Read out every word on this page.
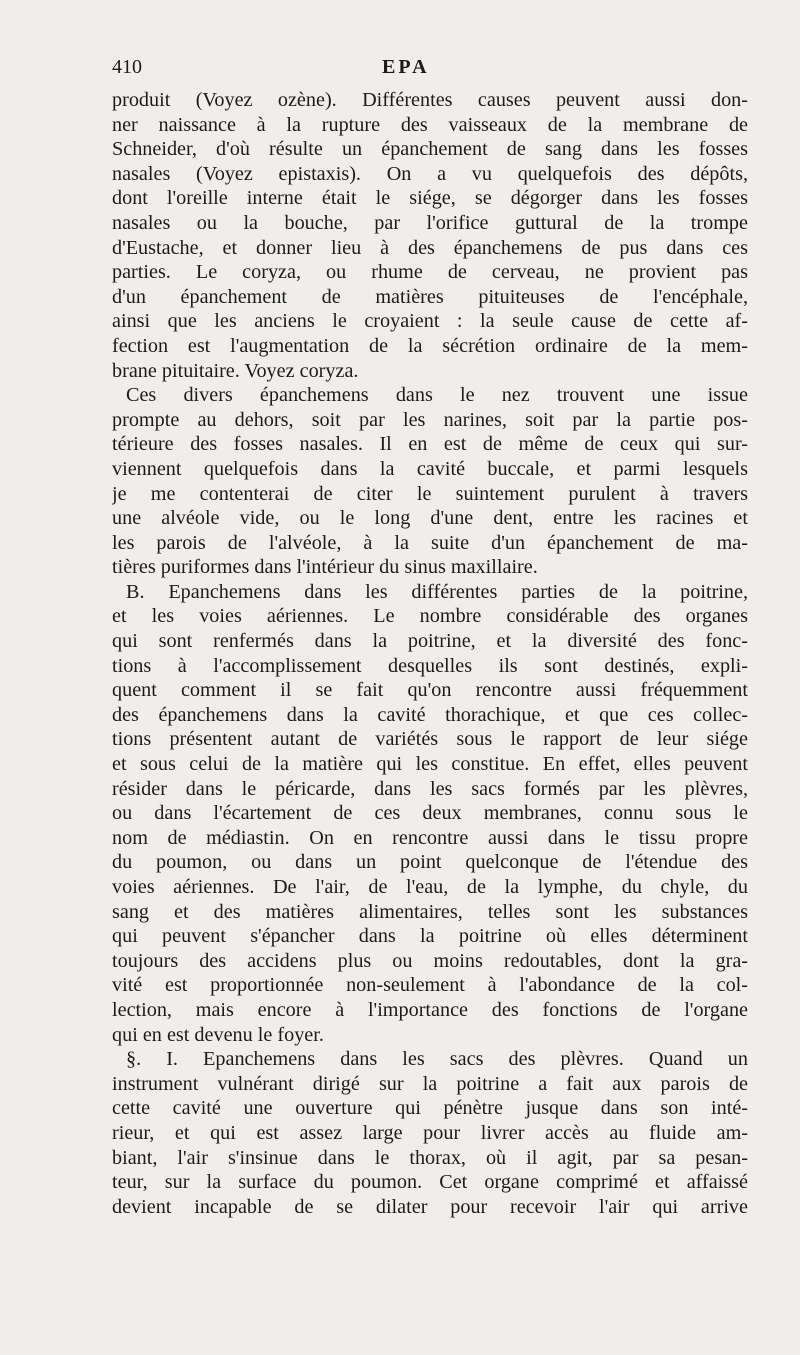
410	EPA
produit (Voyez ozène). Différentes causes peuvent aussi don-
ner naissance à la rupture des vaisseaux de la membrane de
Schneider, d'où résulte un épanchement de sang dans les fosses
nasales (Voyez epistaxis). On a vu quelquefois des dépôts,
dont l'oreille interne était le siége, se dégorger dans les fosses
nasales ou la bouche, par l'orifice guttural de la trompe
d'Eustache, et donner lieu à des épanchemens de pus dans ces
parties. Le coryza, ou rhume de cerveau, ne provient pas
d'un épanchement de matières pituiteuses de l'encéphale,
ainsi que les anciens le croyaient : la seule cause de cette af-
fection est l'augmentation de la sécrétion ordinaire de la mem-
brane pituitaire. Voyez coryza.
Ces divers épanchemens dans le nez trouvent une issue
prompte au dehors, soit par les narines, soit par la partie pos-
térieure des fosses nasales. Il en est de même de ceux qui sur-
viennent quelquefois dans la cavité buccale, et parmi lesquels
je me contenterai de citer le suintement purulent à travers
une alvéole vide, ou le long d'une dent, entre les racines et
les parois de l'alvéole, à la suite d'un épanchement de ma-
tières puriformes dans l'intérieur du sinus maxillaire.
B. Epanchemens dans les différentes parties de la poitrine,
et les voies aériennes. Le nombre considérable des organes
qui sont renfermés dans la poitrine, et la diversité des fonc-
tions à l'accomplissement desquelles ils sont destinés, expli-
quent comment il se fait qu'on rencontre aussi fréquemment
des épanchemens dans la cavité thorachique, et que ces collec-
tions présentent autant de variétés sous le rapport de leur siége
et sous celui de la matière qui les constitue. En effet, elles peuvent
résider dans le péricarde, dans les sacs formés par les plèvres,
ou dans l'écartement de ces deux membranes, connu sous le
nom de médiastin. On en rencontre aussi dans le tissu propre
du poumon, ou dans un point quelconque de l'étendue des
voies aériennes. De l'air, de l'eau, de la lymphe, du chyle, du
sang et des matières alimentaires, telles sont les substances
qui peuvent s'épancher dans la poitrine où elles déterminent
toujours des accidens plus ou moins redoutables, dont la gra-
vité est proportionnée non-seulement à l'abondance de la col-
lection, mais encore à l'importance des fonctions de l'organe
qui en est devenu le foyer.
§. I. Epanchemens dans les sacs des plèvres. Quand un
instrument vulnérant dirigé sur la poitrine a fait aux parois de
cette cavité une ouverture qui pénètre jusque dans son inté-
rieur, et qui est assez large pour livrer accès au fluide am-
biant, l'air s'insinue dans le thorax, où il agit, par sa pesan-
teur, sur la surface du poumon. Cet organe comprimé et affaissé
devient incapable de se dilater pour recevoir l'air qui arrive
